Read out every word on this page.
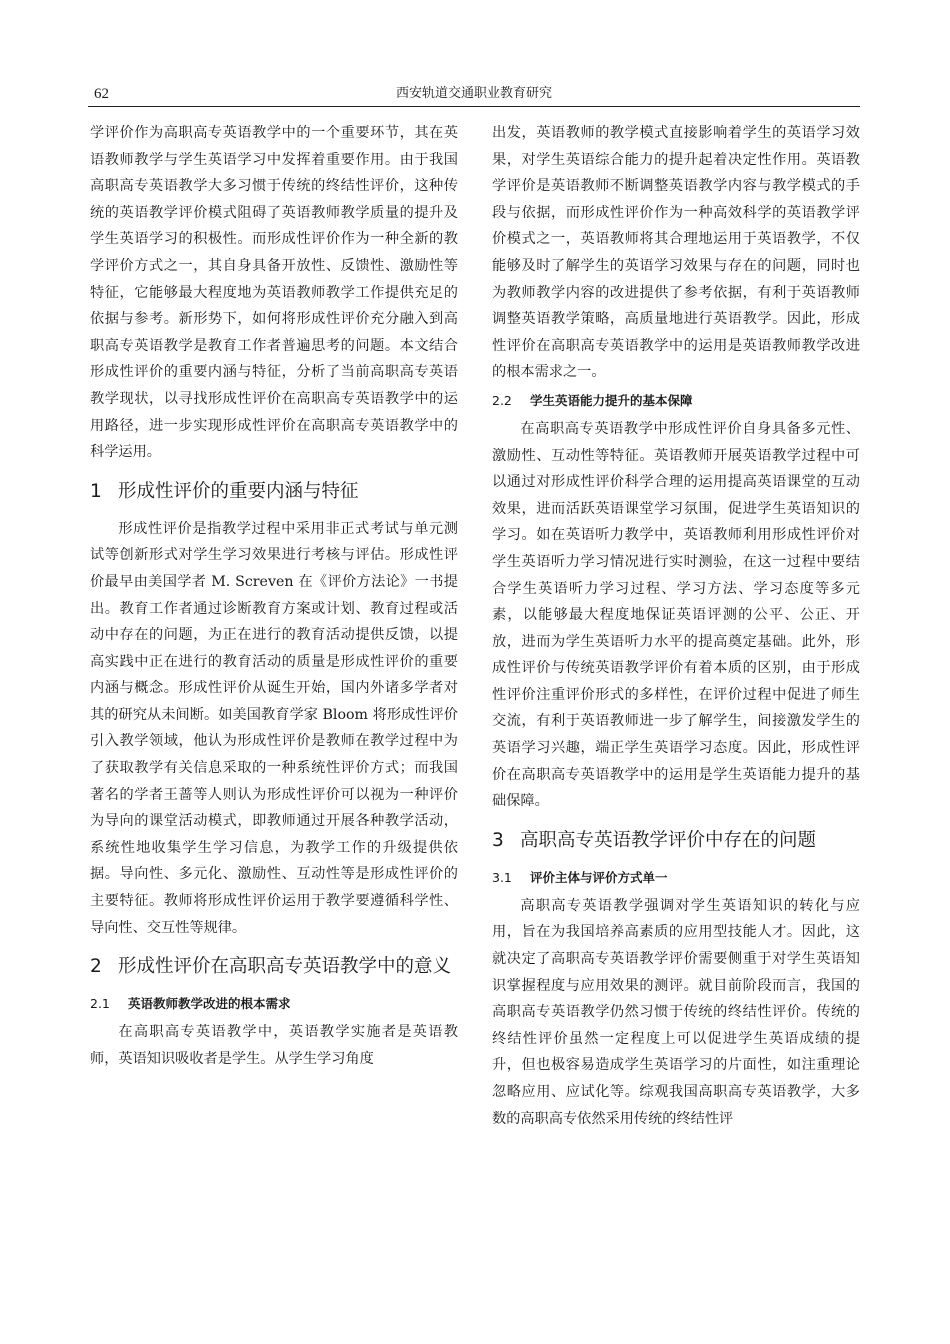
62	西安轨道交通职业教育研究

学评价作为高职高专英语教学中的一个重要环节，其在英语教师教学与学生英语学习中发挥着重要作用。由于我国高职高专英语教学大多习惯于传统的终结性评价，这种传统的英语教学评价模式阻碍了英语教师教学质量的提升及学生英语学习的积极性。而形成性评价作为一种全新的教学评价方式之一，其自身具备开放性、反馈性、激励性等特征，它能够最大程度地为英语教师教学工作提供充足的依据与参考。新形势下，如何将形成性评价充分融入到高职高专英语教学是教育工作者普遍思考的问题。本文结合形成性评价的重要内涵与特征，分析了当前高职高专英语教学现状，以寻找形成性评价在高职高专英语教学中的运用路径，进一步实现形成性评价在高职高专英语教学中的科学运用。

1 形成性评价的重要内涵与特征

形成性评价是指教学过程中采用非正式考试与单元测试等创新形式对学生学习效果进行考核与评估。形成性评价最早由美国学者 M. Screven 在《评价方法论》一书提出。教育工作者通过诊断教育方案或计划、教育过程或活动中存在的问题，为正在进行的教育活动提供反馈，以提高实践中正在进行的教育活动的质量是形成性评价的重要内涵与概念。形成性评价从诞生开始，国内外诸多学者对其的研究从未间断。如美国教育学家 Bloom 将形成性评价引入教学领域，他认为形成性评价是教师在教学过程中为了获取教学有关信息采取的一种系统性评价方式；而我国著名的学者王蔷等人则认为形成性评价可以视为一种评价为导向的课堂活动模式，即教师通过开展各种教学活动，系统性地收集学生学习信息，为教学工作的升级提供依据。导向性、多元化、激励性、互动性等是形成性评价的主要特征。教师将形成性评价运用于教学要遵循科学性、导向性、交互性等规律。

2 形成性评价在高职高专英语教学中的意义
2.1 英语教师教学改进的根本需求

在高职高专英语教学中，英语教学实施者是英语教师，英语知识吸收者是学生。从学生学习角度

出发，英语教师的教学模式直接影响着学生的英语学习效果，对学生英语综合能力的提升起着决定性作用。英语教学评价是英语教师不断调整英语教学内容与教学模式的手段与依据，而形成性评价作为一种高效科学的英语教学评价模式之一，英语教师将其合理地运用于英语教学，不仅能够及时了解学生的英语学习效果与存在的问题，同时也为教师教学内容的改进提供了参考依据，有利于英语教师调整英语教学策略，高质量地进行英语教学。因此，形成性评价在高职高专英语教学中的运用是英语教师教学改进的根本需求之一。

2.2 学生英语能力提升的基本保障

在高职高专英语教学中形成性评价自身具备多元性、激励性、互动性等特征。英语教师开展英语教学过程中可以通过对形成性评价科学合理的运用提高英语课堂的互动效果，进而活跃英语课堂学习氛围，促进学生英语知识的学习。如在英语听力教学中，英语教师利用形成性评价对学生英语听力学习情况进行实时测验，在这一过程中要结合学生英语听力学习过程、学习方法、学习态度等多元素，以能够最大程度地保证英语评测的公平、公正、开放，进而为学生英语听力水平的提高奠定基础。此外，形成性评价与传统英语教学评价有着本质的区别，由于形成性评价注重评价形式的多样性，在评价过程中促进了师生交流，有利于英语教师进一步了解学生，间接激发学生的英语学习兴趣，端正学生英语学习态度。因此，形成性评价在高职高专英语教学中的运用是学生英语能力提升的基础保障。

3 高职高专英语教学评价中存在的问题
3.1 评价主体与评价方式单一

高职高专英语教学强调对学生英语知识的转化与应用，旨在为我国培养高素质的应用型技能人才。因此，这就决定了高职高专英语教学评价需要侧重于对学生英语知识掌握程度与应用效果的测评。就目前阶段而言，我国的高职高专英语教学仍然习惯于传统的终结性评价。传统的终结性评价虽然一定程度上可以促进学生英语成绩的提升，但也极容易造成学生英语学习的片面性，如注重理论忽略应用、应试化等。综观我国高职高专英语教学，大多数的高职高专依然采用传统的终结性评
